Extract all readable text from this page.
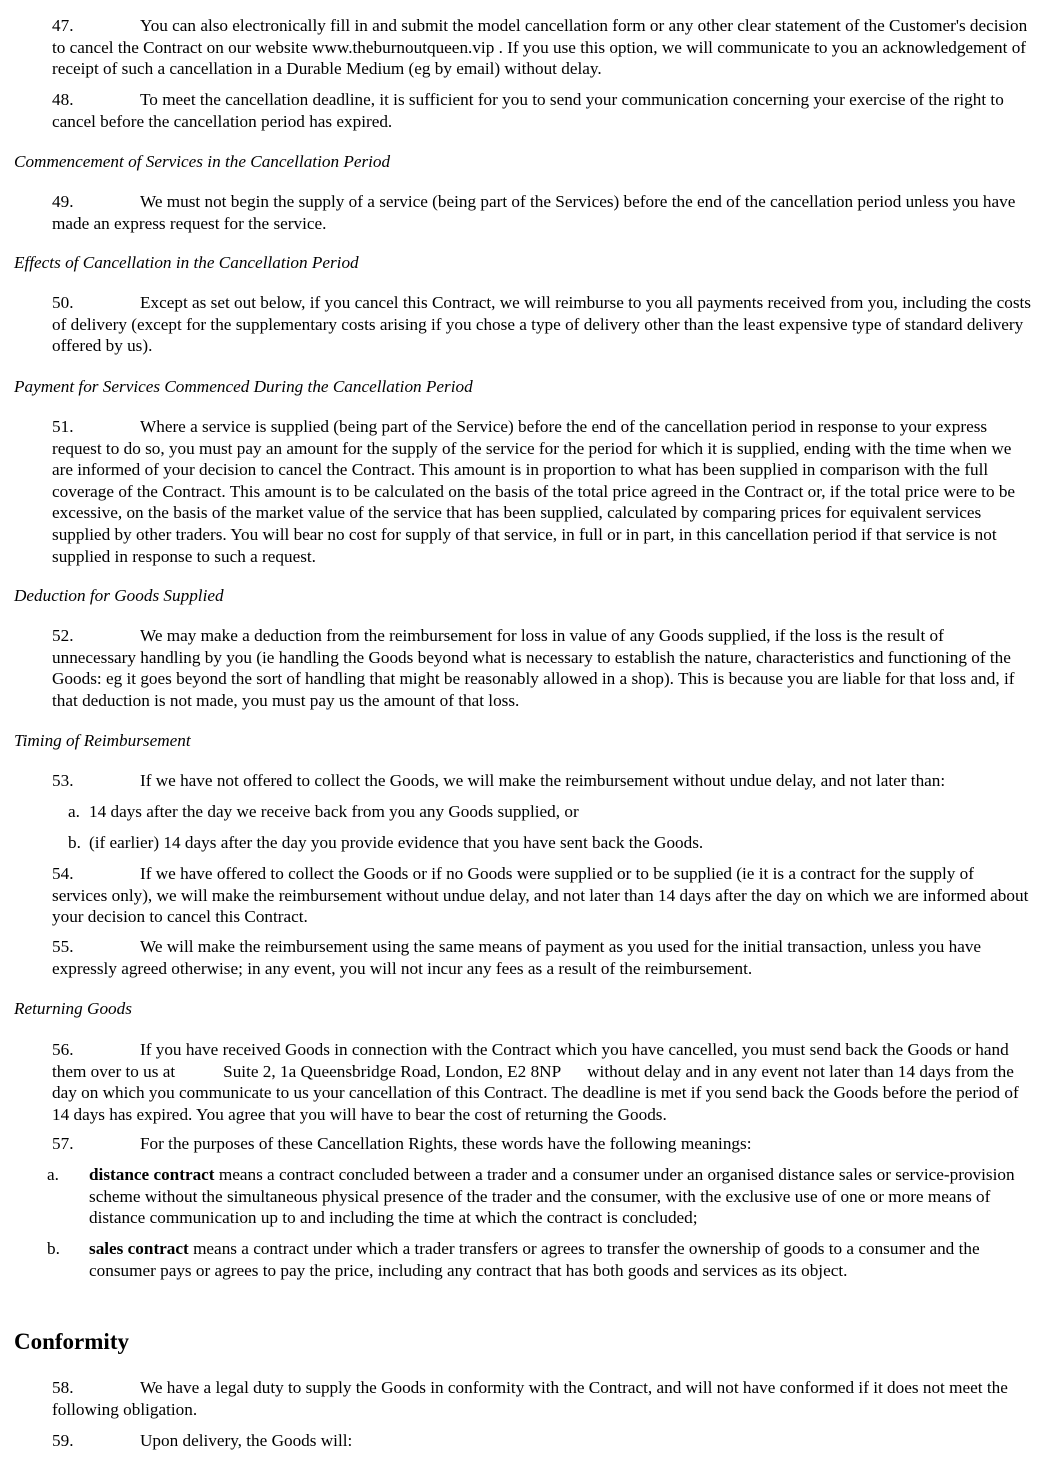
47.	You can also electronically fill in and submit the model cancellation form or any other clear statement of the Customer's decision to cancel the Contract on our website www.theburnoutqueen.vip . If you use this option, we will communicate to you an acknowledgement of receipt of such a cancellation in a Durable Medium (eg by email) without delay.

48.	To meet the cancellation deadline, it is sufficient for you to send your communication concerning your exercise of the right to cancel before the cancellation period has expired.

Commencement of Services in the Cancellation Period

49.	We must not begin the supply of a service (being part of the Services) before the end of the cancellation period unless you have made an express request for the service.

Effects of Cancellation in the Cancellation Period

50.	Except as set out below, if you cancel this Contract, we will reimburse to you all payments received from you, including the costs of delivery (except for the supplementary costs arising if you chose a type of delivery other than the least expensive type of standard delivery offered by us).

Payment for Services Commenced During the Cancellation Period

51.	Where a service is supplied (being part of the Service) before the end of the cancellation period in response to your express request to do so, you must pay an amount for the supply of the service for the period for which it is supplied, ending with the time when we are informed of your decision to cancel the Contract. This amount is in proportion to what has been supplied in comparison with the full coverage of the Contract. This amount is to be calculated on the basis of the total price agreed in the Contract or, if the total price were to be excessive, on the basis of the market value of the service that has been supplied, calculated by comparing prices for equivalent services supplied by other traders. You will bear no cost for supply of that service, in full or in part, in this cancellation period if that service is not supplied in response to such a request.

Deduction for Goods Supplied

52.	We may make a deduction from the reimbursement for loss in value of any Goods supplied, if the loss is the result of unnecessary handling by you (ie handling the Goods beyond what is necessary to establish the nature, characteristics and functioning of the Goods: eg it goes beyond the sort of handling that might be reasonably allowed in a shop). This is because you are liable for that loss and, if that deduction is not made, you must pay us the amount of that loss.

Timing of Reimbursement

53.	If we have not offered to collect the Goods, we will make the reimbursement without undue delay, and not later than:

a. 14 days after the day we receive back from you any Goods supplied, or

b. (if earlier) 14 days after the day you provide evidence that you have sent back the Goods.

54.	If we have offered to collect the Goods or if no Goods were supplied or to be supplied (ie it is a contract for the supply of services only), we will make the reimbursement without undue delay, and not later than 14 days after the day on which we are informed about your decision to cancel this Contract.

55.	We will make the reimbursement using the same means of payment as you used for the initial transaction, unless you have expressly agreed otherwise; in any event, you will not incur any fees as a result of the reimbursement.

Returning Goods

56.	If you have received Goods in connection with the Contract which you have cancelled, you must send back the Goods or hand them over to us at	Suite 2, 1a Queensbridge Road, London, E2 8NP without delay and in any event not later than 14 days from the day on which you communicate to us your cancellation of this Contract. The deadline is met if you send back the Goods before the period of 14 days has expired. You agree that you will have to bear the cost of returning the Goods.

57.	For the purposes of these Cancellation Rights, these words have the following meanings:

a. distance contract means a contract concluded between a trader and a consumer under an organised distance sales or service-provision scheme without the simultaneous physical presence of the trader and the consumer, with the exclusive use of one or more means of distance communication up to and including the time at which the contract is concluded;

b. sales contract means a contract under which a trader transfers or agrees to transfer the ownership of goods to a consumer and the consumer pays or agrees to pay the price, including any contract that has both goods and services as its object.

Conformity

58.	We have a legal duty to supply the Goods in conformity with the Contract, and will not have conformed if it does not meet the following obligation.

59.	Upon delivery, the Goods will:
